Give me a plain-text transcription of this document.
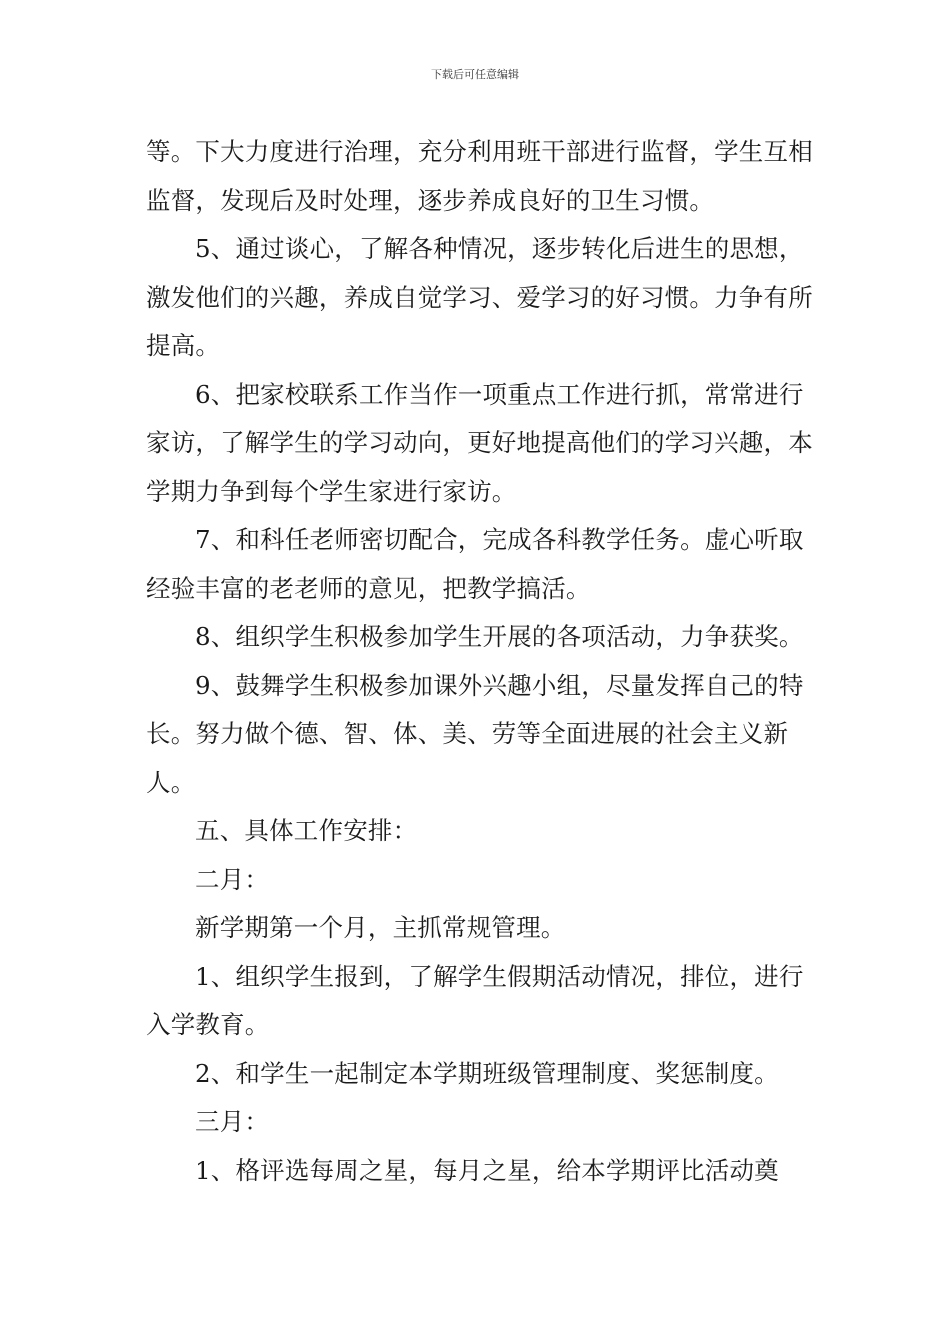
下载后可任意编辑

等。下大力度进行治理，充分利用班干部进行监督，学生互相监督，发现后及时处理，逐步养成良好的卫生习惯。

5、通过谈心，了解各种情况，逐步转化后进生的思想，激发他们的兴趣，养成自觉学习、爱学习的好习惯。力争有所提高。

6、把家校联系工作当作一项重点工作进行抓，常常进行家访，了解学生的学习动向，更好地提高他们的学习兴趣，本学期力争到每个学生家进行家访。

7、和科任老师密切配合，完成各科教学任务。虚心听取经验丰富的老老师的意见，把教学搞活。

8、组织学生积极参加学生开展的各项活动，力争获奖。

9、鼓舞学生积极参加课外兴趣小组，尽量发挥自己的特长。努力做个德、智、体、美、劳等全面进展的社会主义新人。

五、具体工作安排：

二月：

新学期第一个月，主抓常规管理。

1、组织学生报到，了解学生假期活动情况，排位，进行入学教育。

2、和学生一起制定本学期班级管理制度、奖惩制度。

三月：

1、格评选每周之星，每月之星，给本学期评比活动奠
